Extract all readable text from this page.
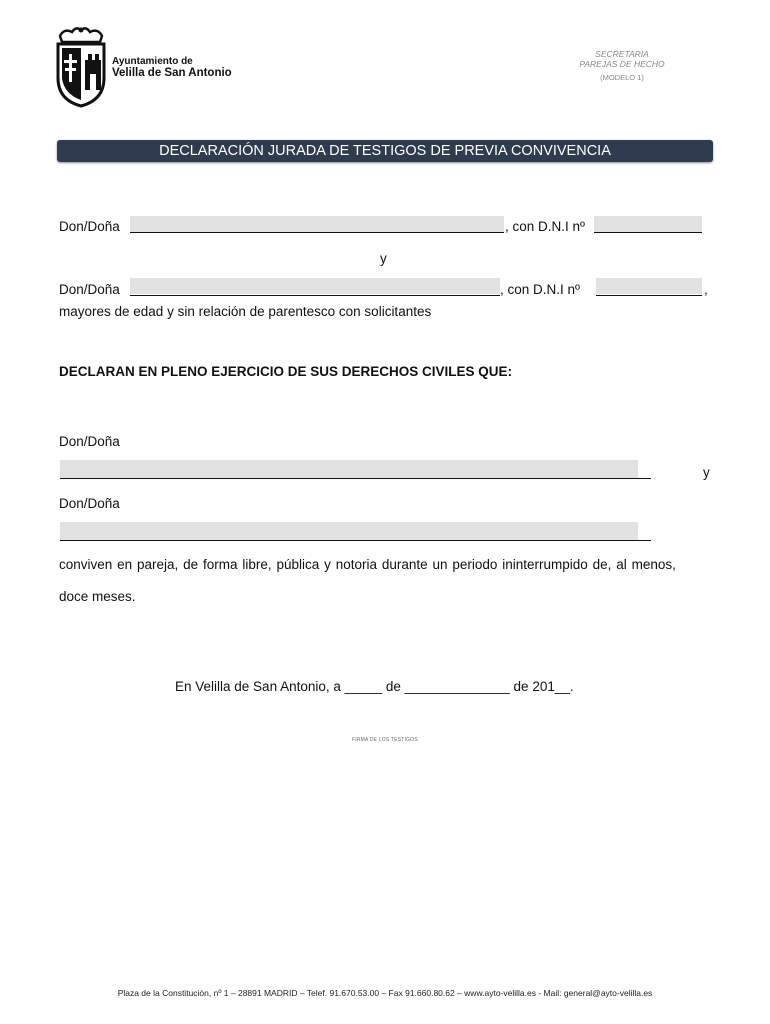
Ayuntamiento de
Velilla de San Antonio
SECRETARIA
PAREJAS DE HECHO
(MODELO 1)
DECLARACIÓN JURADA DE TESTIGOS DE PREVIA CONVIVENCIA
Don/Doña	, con D.N.I nº
y
Don/Doña	, con D.N.I nº	,
mayores de edad y sin relación de parentesco con solicitantes
DECLARAN EN PLENO EJERCICIO DE SUS DERECHOS CIVILES QUE:
Don/Doña
y
Don/Doña
conviven en pareja, de forma libre, pública y notoria durante un periodo ininterrumpido de, al menos,
doce meses.
En Velilla de San Antonio, a _____ de ______________ de 201__.
FIRMA DE LOS TESTIGOS
Plaza de la Constitución, nº 1 – 28891 MADRID – Telef. 91.670.53.00 – Fax 91.660.80.62 – www.ayto-velilla.es - Mail: general@ayto-velilla.es
